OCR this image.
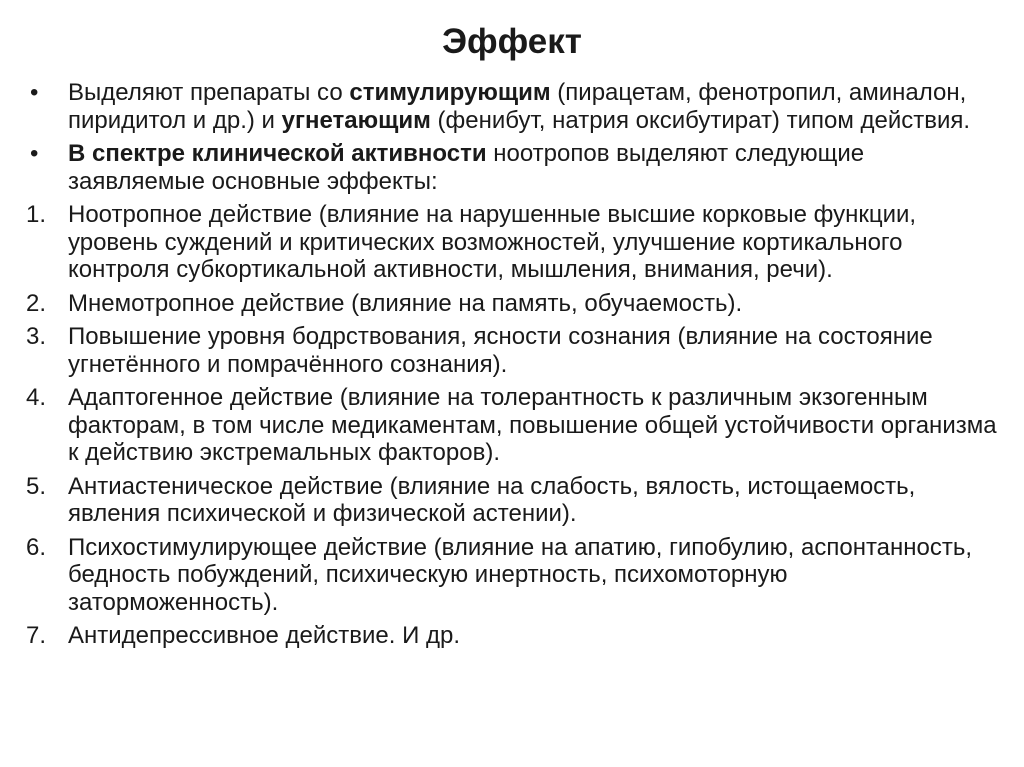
Эффект
•	Выделяют препараты со стимулирующим (пирацетам, фенотропил, аминалон, пиридитол и др.) и угнетающим (фенибут, натрия оксибутират) типом действия.
•	В спектре клинической активности ноотропов выделяют следующие заявляемые основные эффекты:
1. Ноотропное действие (влияние на нарушенные высшие корковые функции, уровень суждений и критических возможностей, улучшение кортикального контроля субкортикальной активности, мышления, внимания, речи).
2. Мнемотропное действие (влияние на память, обучаемость).
3. Повышение уровня бодрствования, ясности сознания (влияние на состояние угнетённого и помрачённого сознания).
4. Адаптогенное действие (влияние на толерантность к различным экзогенным факторам, в том числе медикаментам, повышение общей устойчивости организма к действию экстремальных факторов).
5. Антиастеническое действие (влияние на слабость, вялость, истощаемость, явления психической и физической астении).
6. Психостимулирующее действие (влияние на апатию, гипобулию, аспонтанность, бедность побуждений, психическую инертность, психомоторную заторможенность).
7. Антидепрессивное действие. И др.
